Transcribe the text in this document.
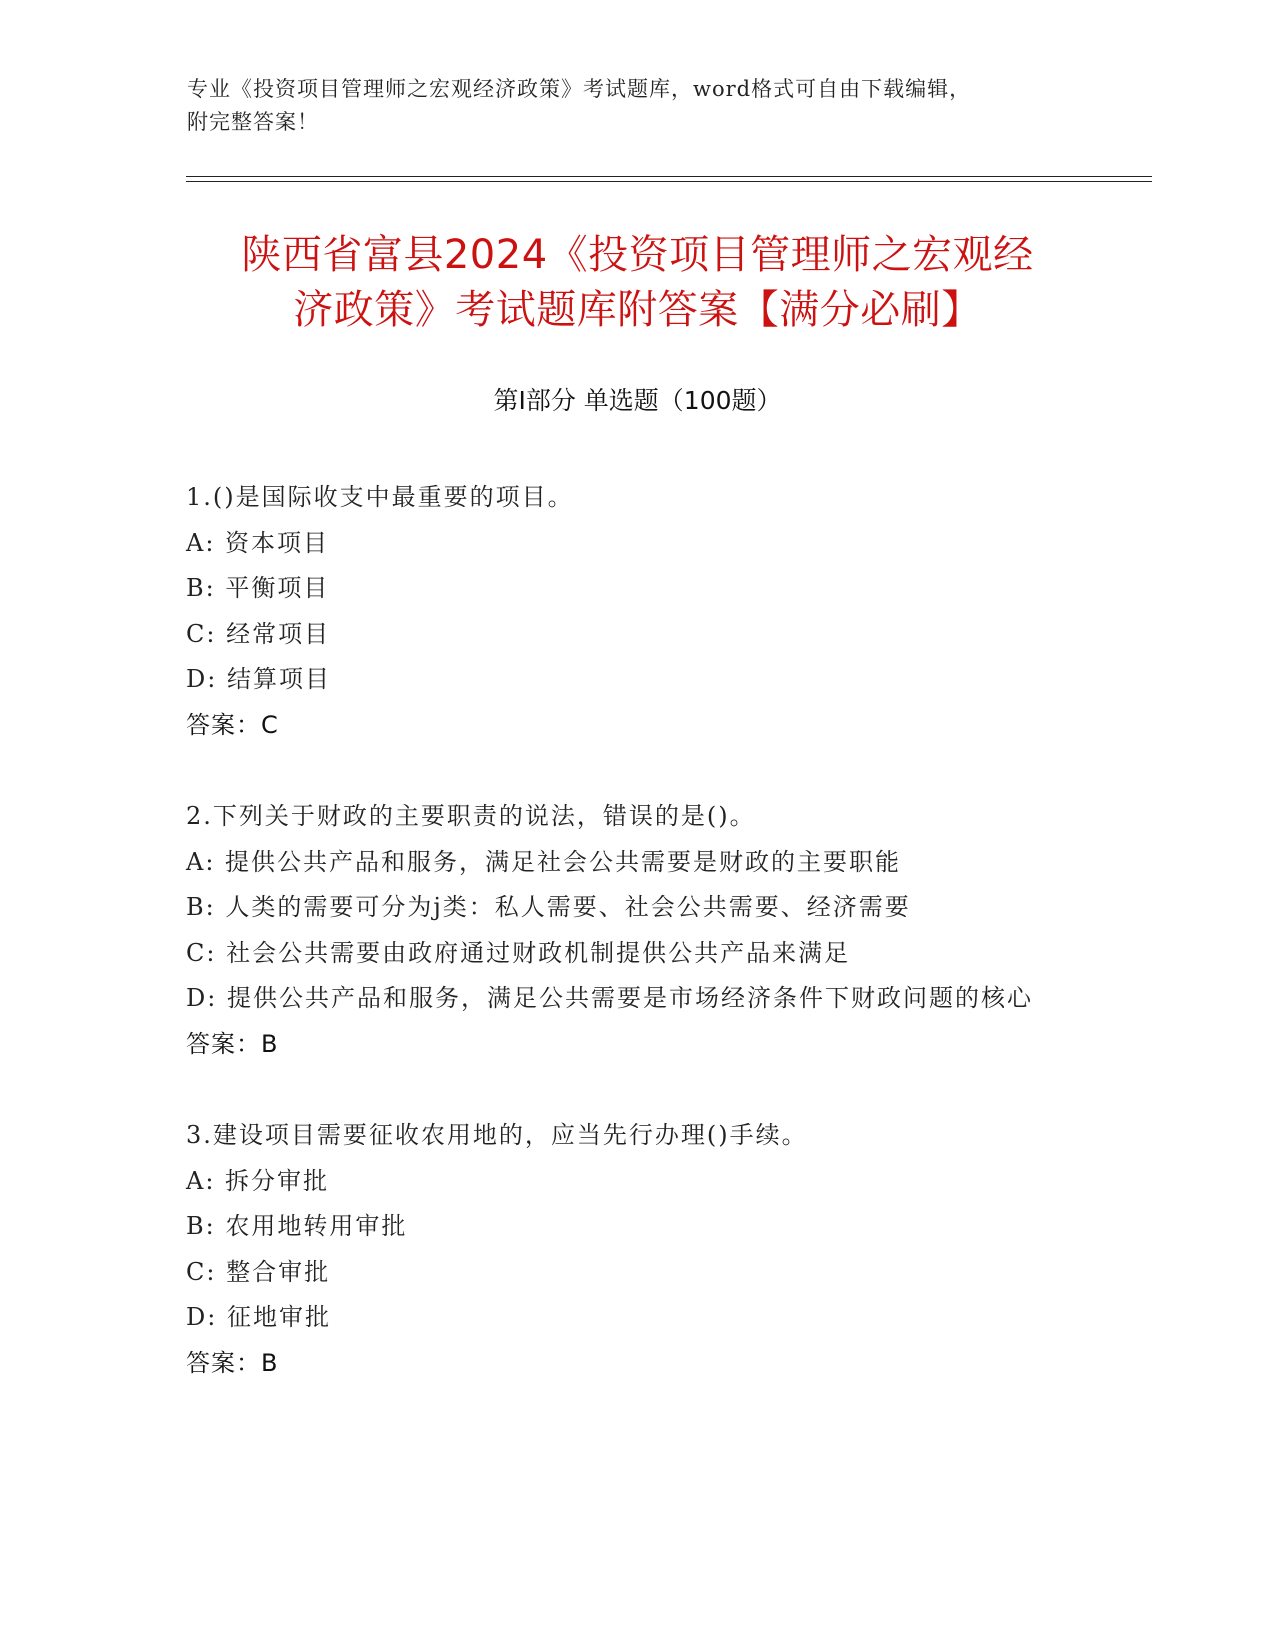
专业《投资项目管理师之宏观经济政策》考试题库，word格式可自由下载编辑，
附完整答案！
陕西省富县2024《投资项目管理师之宏观经
济政策》考试题库附答案【满分必刷】
第Ⅰ部分 单选题（100题）
1.()是国际收支中最重要的项目。
A: 资本项目
B: 平衡项目
C: 经常项目
D: 结算项目
答案：C
2.下列关于财政的主要职责的说法，错误的是()。
A: 提供公共产品和服务，满足社会公共需要是财政的主要职能
B: 人类的需要可分为j类：私人需要、社会公共需要、经济需要
C: 社会公共需要由政府通过财政机制提供公共产品来满足
D: 提供公共产品和服务，满足公共需要是市场经济条件下财政问题的核心
答案：B
3.建设项目需要征收农用地的，应当先行办理()手续。
A: 拆分审批
B: 农用地转用审批
C: 整合审批
D: 征地审批
答案：B
